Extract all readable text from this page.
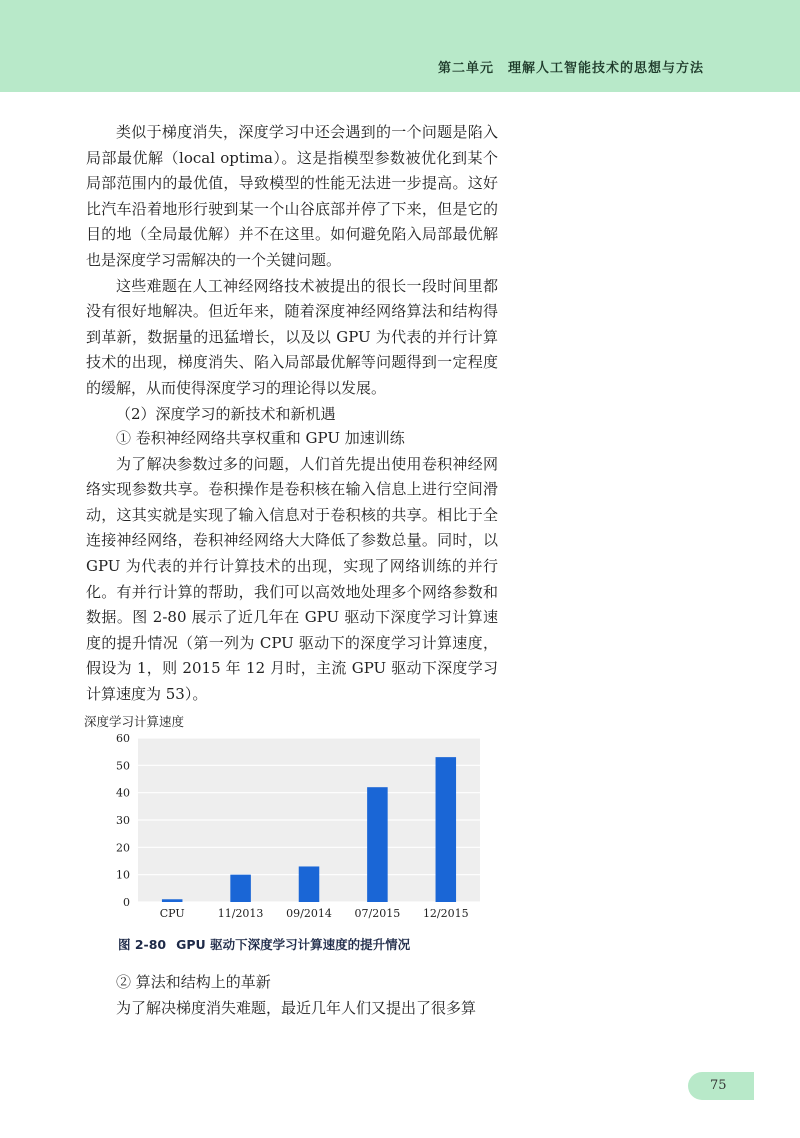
第二单元　理解人工智能技术的思想与方法

类似于梯度消失，深度学习中还会遇到的一个问题是陷入局部最优解（local optima）。这是指模型参数被优化到某个局部范围内的最优值，导致模型的性能无法进一步提高。这好比汽车沿着地形行驶到某一个山谷底部并停了下来，但是它的目的地（全局最优解）并不在这里。如何避免陷入局部最优解也是深度学习需解决的一个关键问题。

这些难题在人工神经网络技术被提出的很长一段时间里都没有很好地解决。但近年来，随着深度神经网络算法和结构得到革新，数据量的迅猛增长，以及以 GPU 为代表的并行计算技术的出现，梯度消失、陷入局部最优解等问题得到一定程度的缓解，从而使得深度学习的理论得以发展。

（2）深度学习的新技术和新机遇

① 卷积神经网络共享权重和 GPU 加速训练

为了解决参数过多的问题，人们首先提出使用卷积神经网络实现参数共享。卷积操作是卷积核在输入信息上进行空间滑动，这其实就是实现了输入信息对于卷积核的共享。相比于全连接神经网络，卷积神经网络大大降低了参数总量。同时，以 GPU 为代表的并行计算技术的出现，实现了网络训练的并行化。有并行计算的帮助，我们可以高效地处理多个网络参数和数据。图 2-80 展示了近几年在 GPU 驱动下深度学习计算速度的提升情况（第一列为 CPU 驱动下的深度学习计算速度，假设为 1，则 2015 年 12 月时，主流 GPU 驱动下深度学习计算速度为 53）。

深度学习计算速度
0
10
20
30
40
50
60
CPU	11/2013 09/2014 07/2015 12/2015
图 2-80 GPU 驱动下深度学习计算速度的提升情况

② 算法和结构上的革新

为了解决梯度消失难题，最近几年人们又提出了很多算

75
